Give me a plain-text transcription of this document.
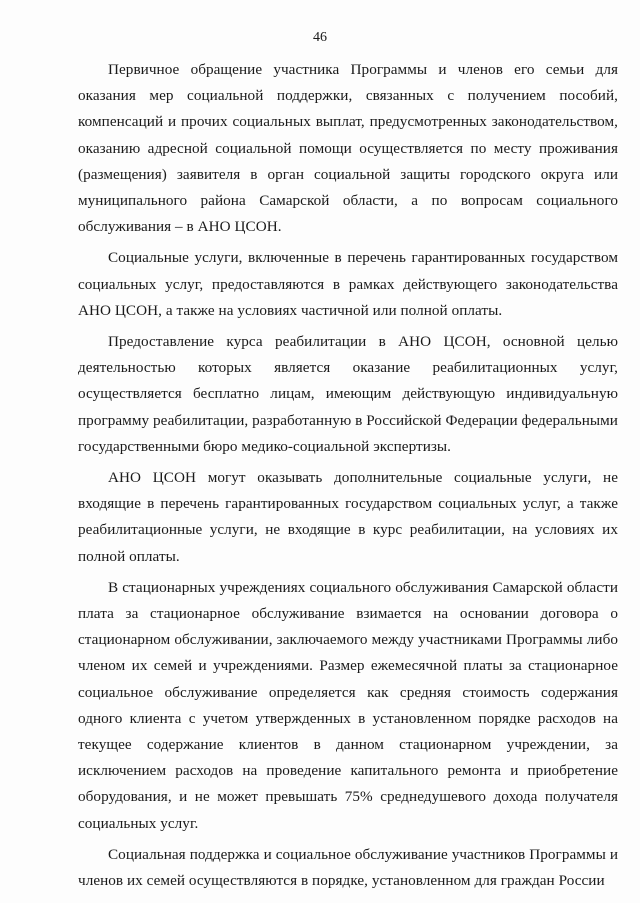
46

Первичное обращение участника Программы и членов его семьи для оказания мер социальной поддержки, связанных с получением пособий, компенсаций и прочих социальных выплат, предусмотренных законодательством, оказанию адресной социальной помощи осуществляется по месту проживания (размещения) заявителя в орган социальной защиты городского округа или муниципального района Самарской области, а по вопросам социального обслуживания – в АНО ЦСОН.

Социальные услуги, включенные в перечень гарантированных государством социальных услуг, предоставляются в рамках действующего законодательства АНО ЦСОН, а также на условиях частичной или полной оплаты.

Предоставление курса реабилитации в АНО ЦСОН, основной целью деятельностью которых является оказание реабилитационных услуг, осуществляется бесплатно лицам, имеющим действующую индивидуальную программу реабилитации, разработанную в Российской Федерации федеральными государственными бюро медико-социальной экспертизы.

АНО ЦСОН могут оказывать дополнительные социальные услуги, не входящие в перечень гарантированных государством социальных услуг, а также реабилитационные услуги, не входящие в курс реабилитации, на условиях их полной оплаты.

В стационарных учреждениях социального обслуживания Самарской области плата за стационарное обслуживание взимается на основании договора о стационарном обслуживании, заключаемого между участниками Программы либо членом их семей и учреждениями. Размер ежемесячной платы за стационарное социальное обслуживание определяется как средняя стоимость содержания одного клиента с учетом утвержденных в установленном порядке расходов на текущее содержание клиентов в данном стационарном учреждении, за исключением расходов на проведение капитального ремонта и приобретение оборудования, и не может превышать 75% среднедушевого дохода получателя социальных услуг.

Социальная поддержка и социальное обслуживание участников Программы и членов их семей осуществляются в порядке, установленном для граждан России
